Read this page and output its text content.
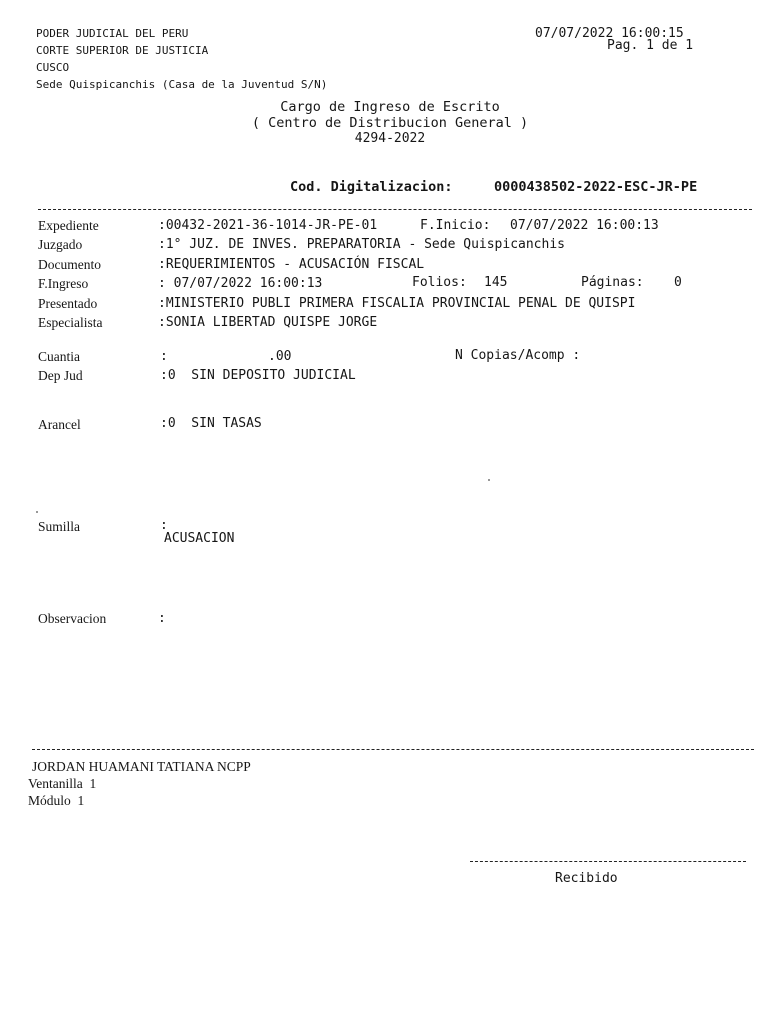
PODER JUDICIAL DEL PERU
CORTE SUPERIOR DE JUSTICIA
CUSCO
Sede Quispicanchis (Casa de la Juventud S/N)
07/07/2022 16:00:15
Pag. 1 de 1
Cargo de Ingreso de Escrito
( Centro de Distribucion General )
4294-2022
Cod. Digitalizacion:	0000438502-2022-ESC-JR-PE
Expediente	:00432-2021-36-1014-JR-PE-01	F.Inicio: 07/07/2022 16:00:13
Juzgado	:1° JUZ. DE INVES. PREPARATORIA - Sede Quispicanchis
Documento	:REQUERIMIENTOS - ACUSACIÓN FISCAL
F.Ingreso	: 07/07/2022 16:00:13	Folios: 145	Páginas: 0
Presentado	:MINISTERIO PUBLI PRIMERA FISCALIA PROVINCIAL PENAL DE QUISPI
Especialista	:SONIA LIBERTAD QUISPE JORGE
Cuantia	:	.00	N Copias/Acomp :
Dep Jud	:0  SIN DEPOSITO JUDICIAL
Arancel	:0  SIN TASAS
Sumilla	:
ACUSACION
Observacion	:
JORDAN HUAMANI TATIANA NCPP
Ventanilla  1
Módulo  1
Recibido
